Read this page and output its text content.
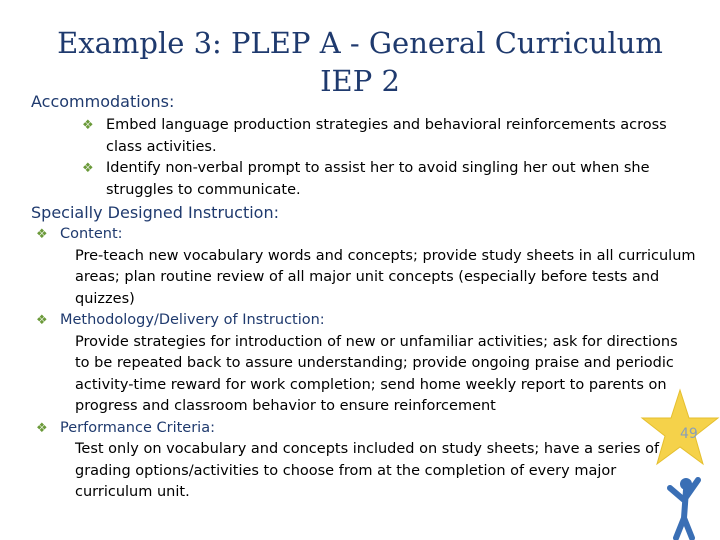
Example 3: PLEP A - General Curriculum
IEP 2
Accommodations:
❖ Embed language production strategies and behavioral reinforcements across class activities.
❖ Identify non-verbal prompt to assist her to avoid singling her out when she struggles to communicate.
Specially Designed Instruction:
❖ Content:
Pre-teach new vocabulary words and concepts; provide study sheets in all curriculum areas; plan routine review of all major unit concepts (especially before tests and quizzes)
❖ Methodology/Delivery of Instruction:
Provide strategies for introduction of new or unfamiliar activities; ask for directions to be repeated back to assure understanding; provide ongoing praise and periodic activity-time reward for work completion; send home weekly report to parents on progress and classroom behavior to ensure reinforcement
❖ Performance Criteria:
Test only on vocabulary and concepts included on study sheets; have a series of grading options/activities to choose from at the completion of every major curriculum unit.
49
